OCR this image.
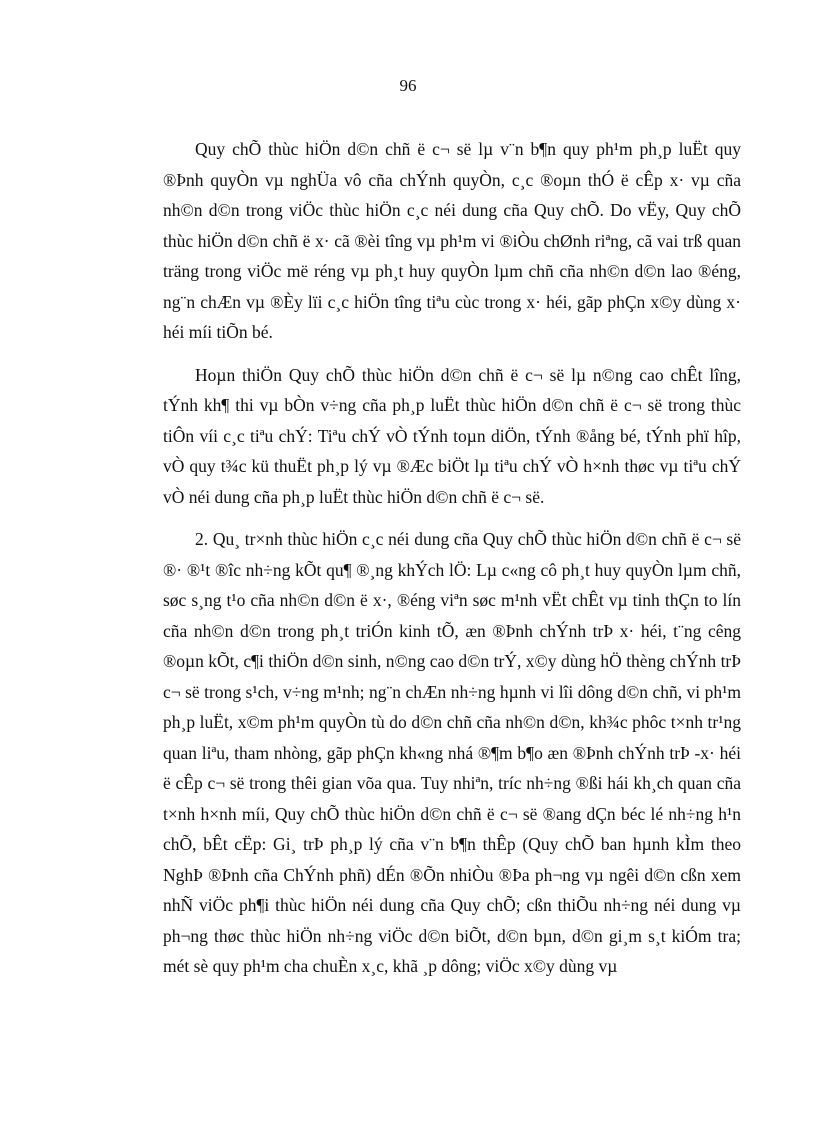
96

Quy chÕ thùc hiÖn d©n chñ ë c¬ së lµ v¨n b¶n quy ph¹m ph¸p luËt quy ®Þnh quyÒn vµ nghÜa vô cña chÝnh quyÒn, c¸c ®oµn thÓ ë cÊp x· vµ cña nh©n d©n trong viÖc thùc hiÖn c¸c néi dung cña Quy chÕ. Do vËy, Quy chÕ thùc hiÖn d©n chñ ë x· cã ®èi tîng vµ ph¹m vi ®iÒu chØnh riªng, cã vai trß quan träng trong viÖc më réng vµ ph¸t huy quyÒn lµm chñ cña nh©n d©n lao ®éng, ng¨n chÆn vµ ®Èy lïi c¸c hiÖn tîng tiªu cùc trong x· héi, gãp phÇn x©y dùng x· héi míi tiÕn bé.

Hoµn thiÖn Quy chÕ thùc hiÖn d©n chñ ë c¬ së lµ n©ng cao chÊt lîng, tÝnh kh¶ thi vµ bÒn v÷ng cña ph¸p luËt thùc hiÖn d©n chñ ë c¬ së trong thùc tiÔn víi c¸c tiªu chÝ: Tiªu chÝ vÒ tÝnh toµn diÖn, tÝnh ®ång bé, tÝnh phï hîp, vÒ quy t¾c kü thuËt ph¸p lý vµ ®Æc biÖt lµ tiªu chÝ vÒ h×nh thøc vµ tiªu chÝ vÒ néi dung cña ph¸p luËt thùc hiÖn d©n chñ ë c¬ së.

2. Qu¸ tr×nh thùc hiÖn c¸c néi dung cña Quy chÕ thùc hiÖn d©n chñ ë c¬ së ®· ®¹t ®îc nh÷ng kÕt qu¶ ®¸ng khÝch lÖ: Lµ c«ng cô ph¸t huy quyÒn lµm chñ, søc s¸ng t¹o cña nh©n d©n ë x·, ®éng viªn søc m¹nh vËt chÊt vµ tinh thÇn to lín cña nh©n d©n trong ph¸t triÓn kinh tÕ, æn ®Þnh chÝnh trÞ x· héi, t¨ng cêng ®oµn kÕt, c¶i thiÖn d©n sinh, n©ng cao d©n trÝ, x©y dùng hÖ thèng chÝnh trÞ c¬ së trong s¹ch, v÷ng m¹nh; ng¨n chÆn nh÷ng hµnh vi lîi dông d©n chñ, vi ph¹m ph¸p luËt, x©m ph¹m quyÒn tù do d©n chñ cña nh©n d©n, kh¾c phôc t×nh tr¹ng quan liªu, tham nhòng, gãp phÇn kh«ng nhá ®¶m b¶o æn ®Þnh chÝnh trÞ -x· héi ë cÊp c¬ së trong thêi gian võa qua. Tuy nhiªn, tríc nh÷ng ®ßi hái kh¸ch quan cña t×nh h×nh míi, Quy chÕ thùc hiÖn d©n chñ ë c¬ së ®ang dÇn béc lé nh÷ng h¹n chÕ, bÊt cËp: Gi¸ trÞ ph¸p lý cña v¨n b¶n thÊp (Quy chÕ ban hµnh kÌm theo NghÞ ®Þnh cña ChÝnh phñ) dÉn ®Õn nhiÒu ®Þa ph¬ng vµ ngêi d©n cßn xem nhÑ viÖc ph¶i thùc hiÖn néi dung cña Quy chÕ; cßn thiÕu nh÷ng néi dung vµ ph¬ng thøc thùc hiÖn nh÷ng viÖc d©n biÕt, d©n bµn, d©n gi¸m s¸t kiÓm tra; mét sè quy ph¹m cha chuÈn x¸c, khã ¸p dông; viÖc x©y dùng vµ
